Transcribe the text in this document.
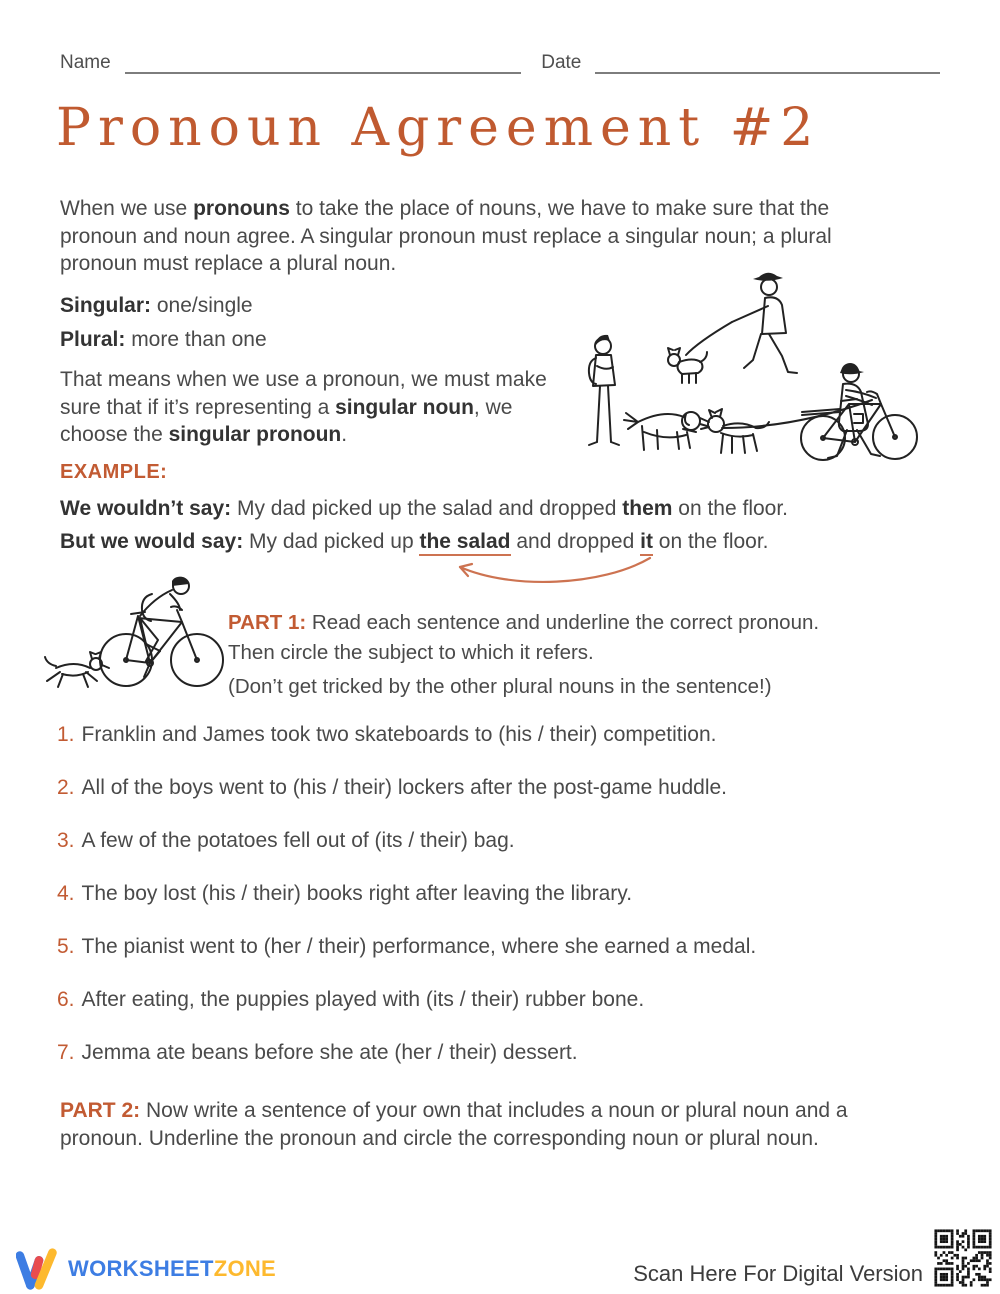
Name	Date
Pronoun Agreement #2

When we use pronouns to take the place of nouns, we have to make sure that the pronoun and noun agree. A singular pronoun must replace a singular noun; a plural pronoun must replace a plural noun.

Singular: one/single

Plural: more than one

That means when we use a pronoun, we must make sure that if it’s representing a singular noun, we choose the singular pronoun.

EXAMPLE:

We wouldn’t say: My dad picked up the salad and dropped them on the floor.

But we would say: My dad picked up the salad and dropped it on the floor.

PART 1: Read each sentence and underline the correct pronoun.

Then circle the subject to which it refers.

(Don’t get tricked by the other plural nouns in the sentence!)

1. Franklin and James took two skateboards to (his / their) competition.
2. All of the boys went to (his / their) lockers after the post-game huddle.
3. A few of the potatoes fell out of (its / their) bag.
4. The boy lost (his / their) books right after leaving the library.
5. The pianist went to (her / their) performance, where she earned a medal.
6. After eating, the puppies played with (its / their) rubber bone.
7. Jemma ate beans before she ate (her / their) dessert.
PART 2: Now write a sentence of your own that includes a noun or plural noun and a pronoun. Underline the pronoun and circle the corresponding noun or plural noun.
WORKSHEETZONE	Scan Here For Digital Version
